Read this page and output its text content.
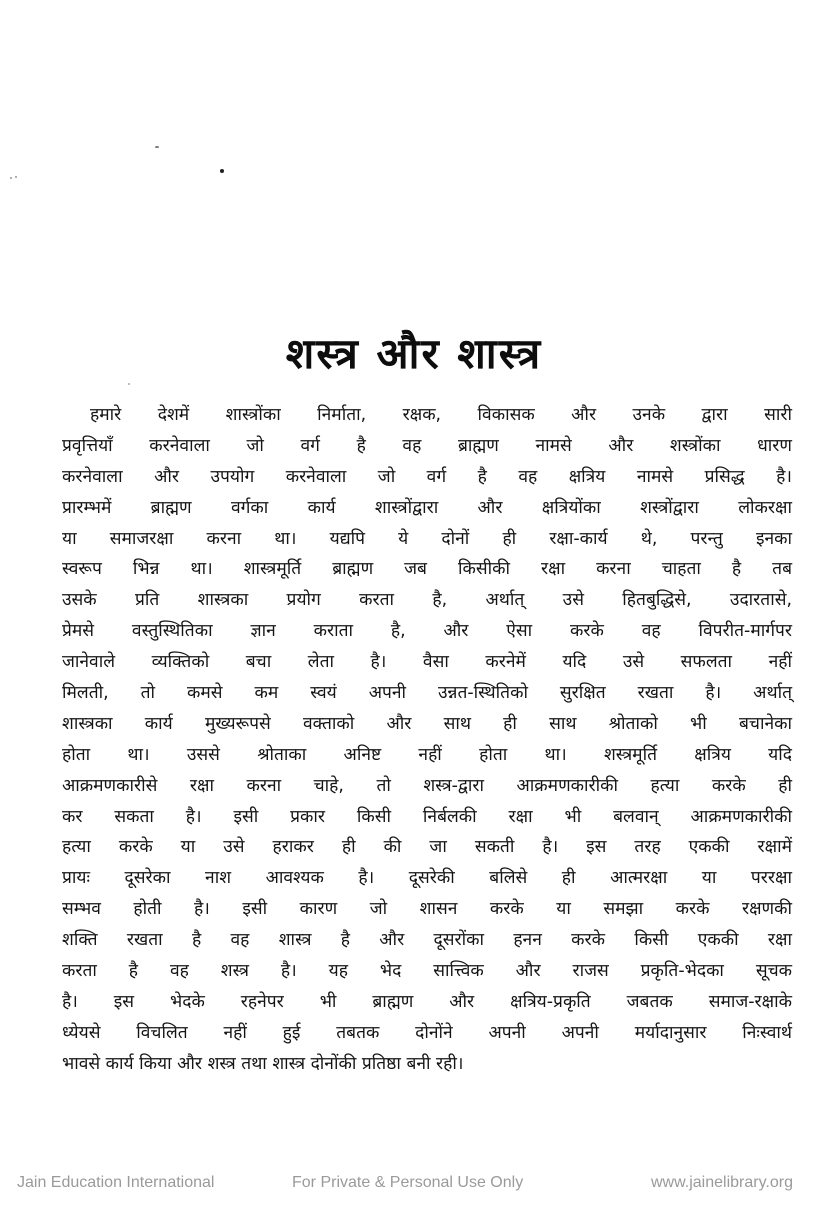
शस्त्र और शास्त्र
हमारे देशमें शास्त्रोंका निर्माता, रक्षक, विकासक और उनके द्वारा सारी
प्रवृत्तियाँ करनेवाला जो वर्ग है वह ब्राह्मण नामसे और शस्त्रोंका धारण
करनेवाला और उपयोग करनेवाला जो वर्ग है वह क्षत्रिय नामसे प्रसिद्ध है।
प्रारम्भमें ब्राह्मण वर्गका कार्य शास्त्रोंद्वारा और क्षत्रियोंका शस्त्रोंद्वारा लोकरक्षा
या समाजरक्षा करना था। यद्यपि ये दोनों ही रक्षा-कार्य थे, परन्तु इनका
स्वरूप भिन्न था। शास्त्रमूर्ति ब्राह्मण जब किसीकी रक्षा करना चाहता है तब
उसके प्रति शास्त्रका प्रयोग करता है, अर्थात् उसे हितबुद्धिसे, उदारतासे,
प्रेमसे वस्तुस्थितिका ज्ञान कराता है, और ऐसा करके वह विपरीत-मार्गपर
जानेवाले व्यक्तिको बचा लेता है। वैसा करनेमें यदि उसे सफलता नहीं
मिलती, तो कमसे कम स्वयं अपनी उन्नत-स्थितिको सुरक्षित रखता है। अर्थात्
शास्त्रका कार्य मुख्यरूपसे वक्ताको और साथ ही साथ श्रोताको भी बचानेका
होता था। उससे श्रोताका अनिष्ट नहीं होता था। शस्त्रमूर्ति क्षत्रिय यदि
आक्रमणकारीसे रक्षा करना चाहे, तो शस्त्र-द्वारा आक्रमणकारीकी हत्या करके ही
कर सकता है। इसी प्रकार किसी निर्बलकी रक्षा भी बलवान् आक्रमणकारीकी
हत्या करके या उसे हराकर ही की जा सकती है। इस तरह एककी रक्षामें
प्रायः दूसरेका नाश आवश्यक है। दूसरेकी बलिसे ही आत्मरक्षा या पररक्षा
सम्भव होती है। इसी कारण जो शासन करके या समझा करके रक्षणकी
शक्ति रखता है वह शास्त्र है और दूसरोंका हनन करके किसी एककी रक्षा
करता है वह शस्त्र है। यह भेद सात्त्विक और राजस प्रकृति-भेदका सूचक
है। इस भेदके रहनेपर भी ब्राह्मण और क्षत्रिय-प्रकृति जबतक समाज-रक्षाके
ध्येयसे विचलित नहीं हुई तबतक दोनोंने अपनी अपनी मर्यादानुसार निःस्वार्थ
भावसे कार्य किया और शस्त्र तथा शास्त्र दोनोंकी प्रतिष्ठा बनी रही।
Jain Education International	For Private & Personal Use Only	www.jainelibrary.org
